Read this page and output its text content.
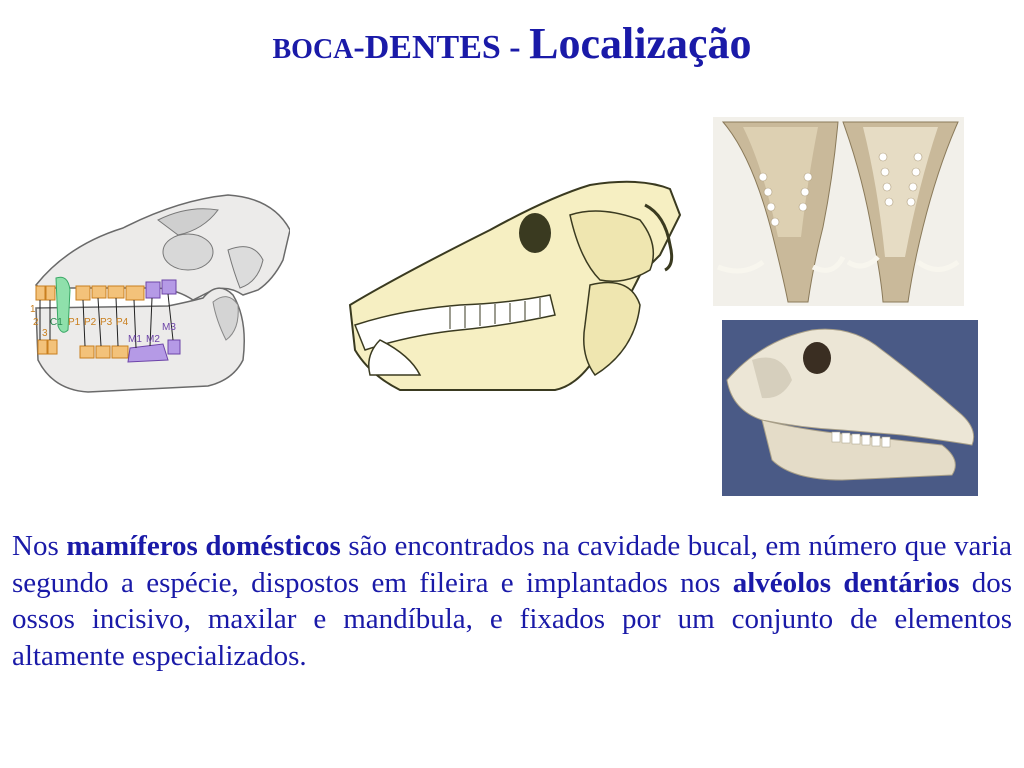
BOCA-DENTES - Localização
2
3
1
C1 P1 P2 P3 P4
M1 M2
M3
Nos mamíferos domésticos são encontrados na cavidade bucal, em número que varia segundo a espécie, dispostos em fileira e implantados nos alvéolos dentários dos ossos incisivo, maxilar e mandíbula, e fixados por um conjunto de elementos altamente especializados.
